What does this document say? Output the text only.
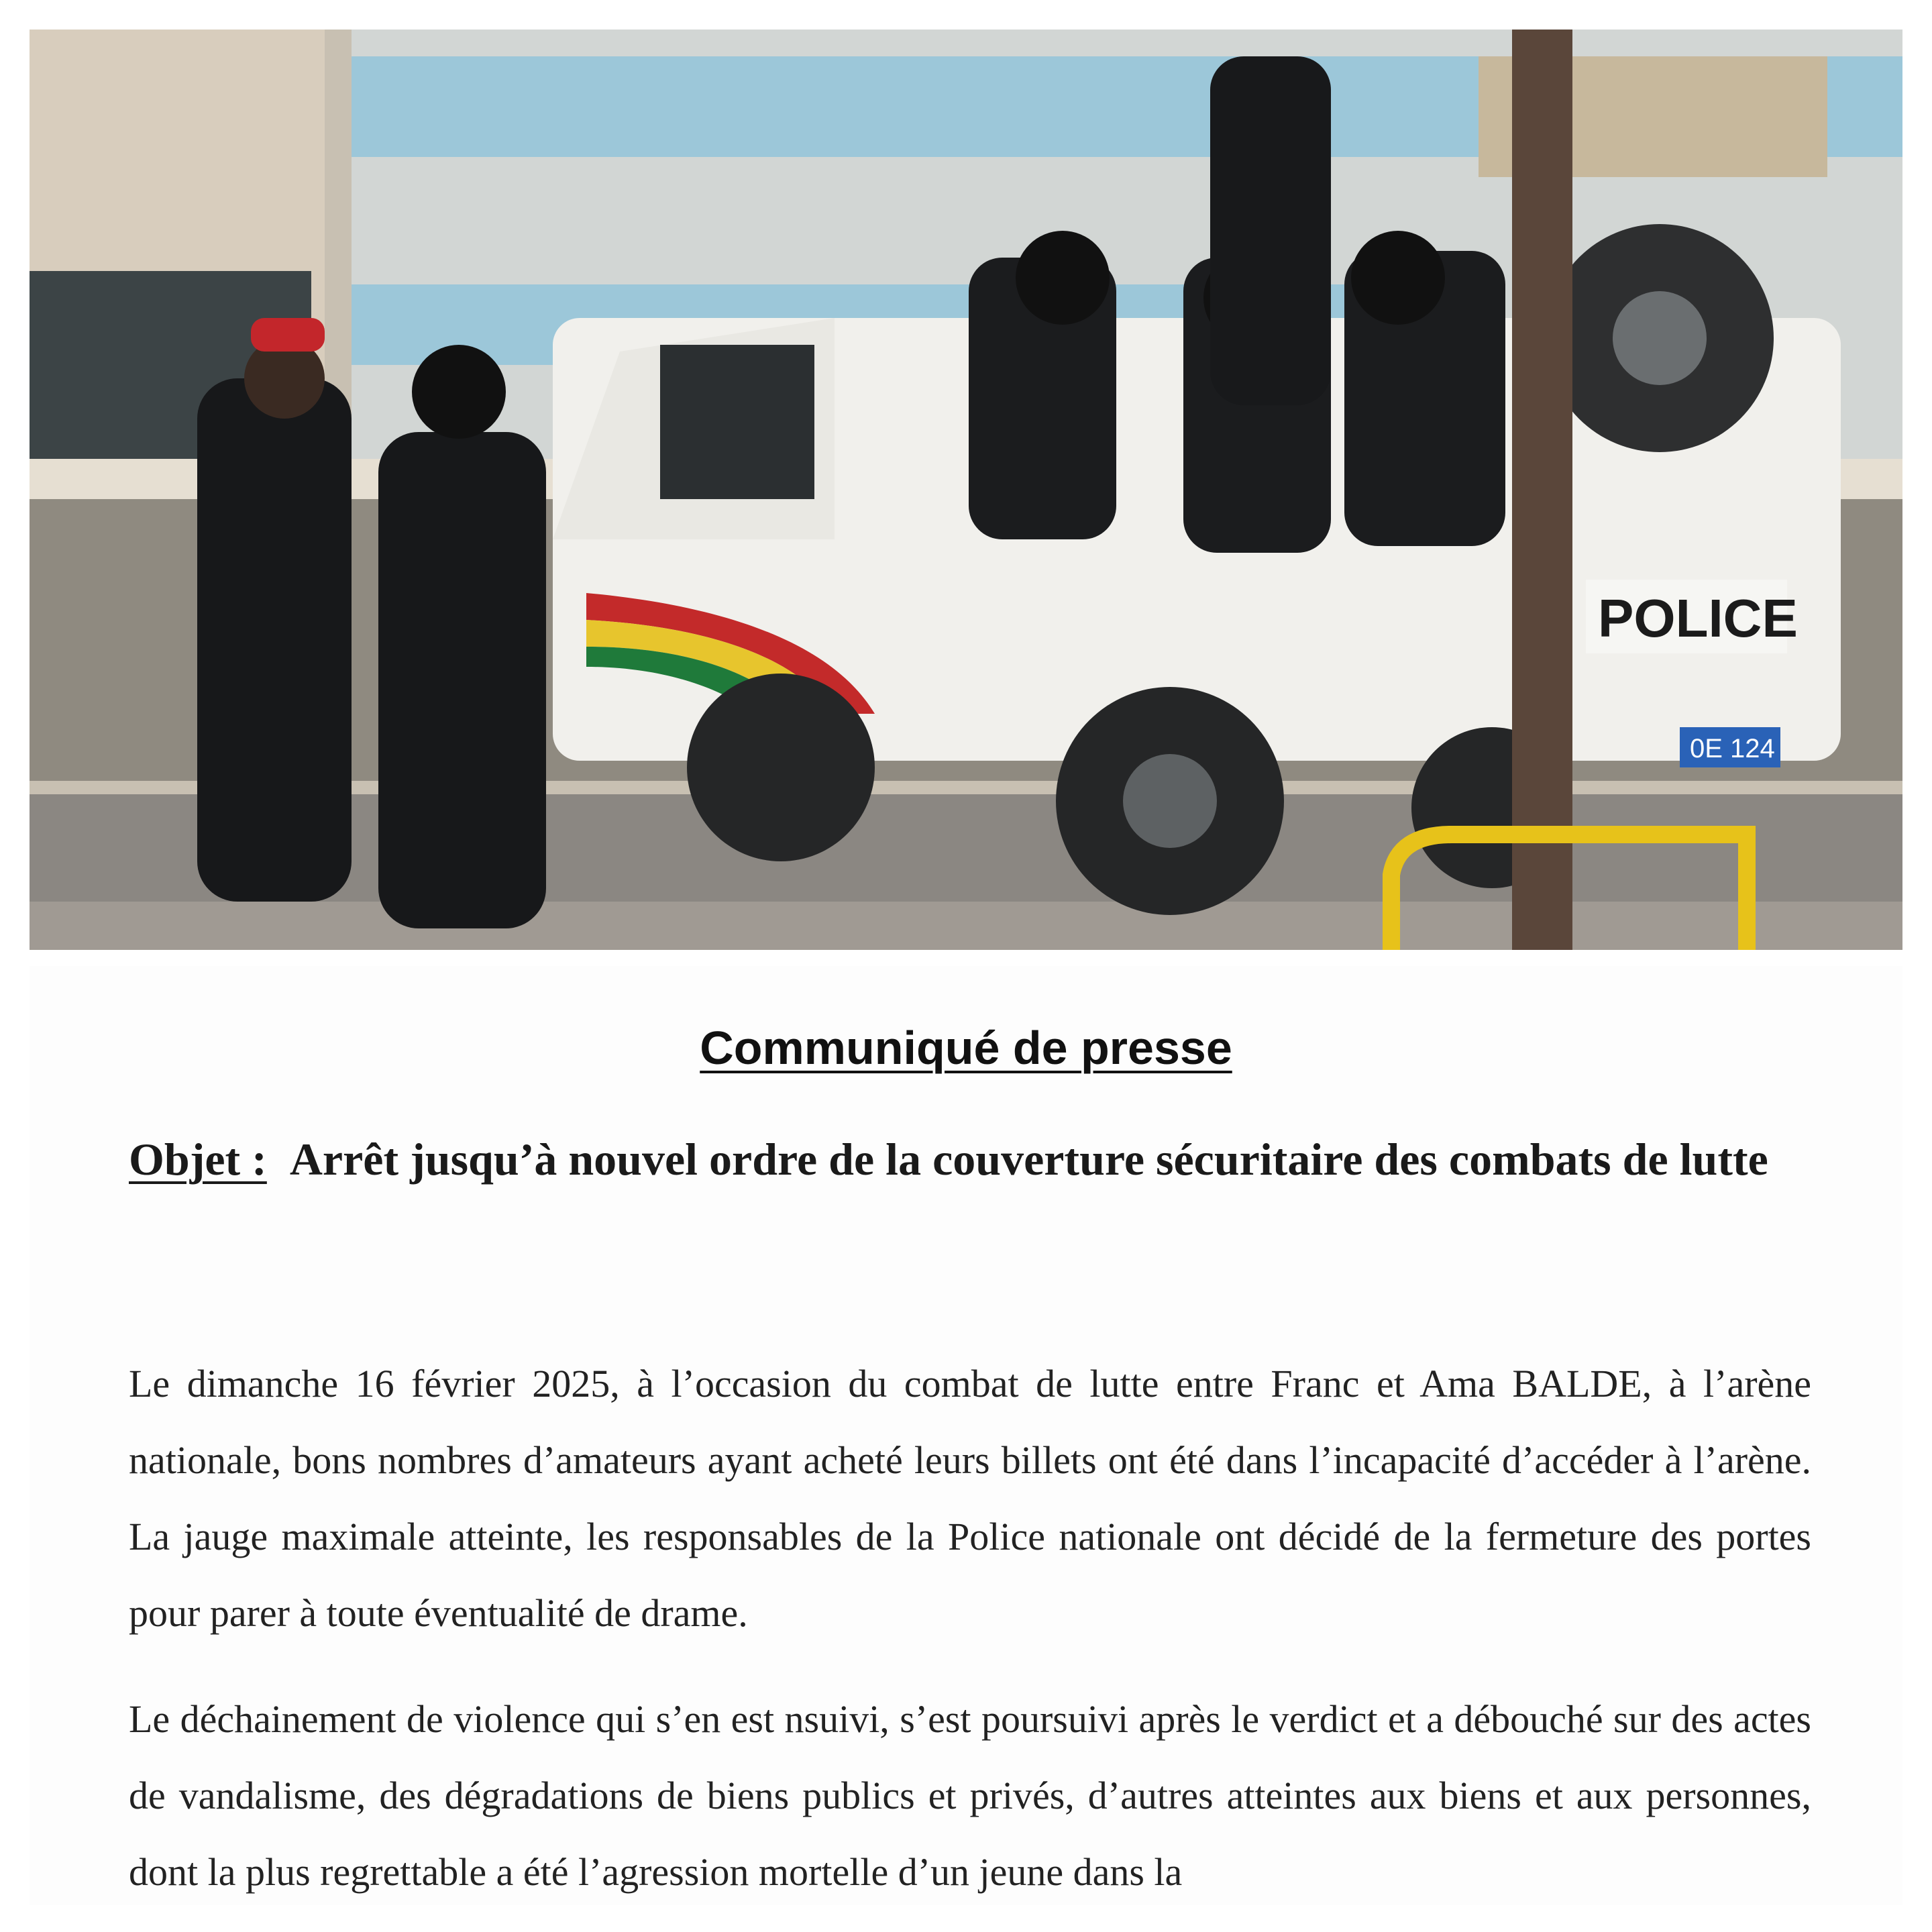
POLICE
0E 124
Communiqué de presse
Objet : Arrêt jusqu’à nouvel ordre de la couverture sécuritaire des combats de lutte
Le dimanche 16 février 2025, à l’occasion du combat de lutte entre Franc et Ama BALDE, à l’arène nationale, bons nombres d’amateurs ayant acheté leurs billets ont été dans l’incapacité d’accéder à l’arène. La jauge maximale atteinte, les responsables de la Police nationale ont décidé de la fermeture des portes pour parer à toute éventualité de drame.
Le déchainement de violence qui s’en est nsuivi, s’est poursuivi après le verdict et a débouché sur des actes de vandalisme, des dégradations de biens publics et privés, d’autres atteintes aux biens et aux personnes, dont la plus regrettable a été l’agression mortelle d’un jeune dans la
